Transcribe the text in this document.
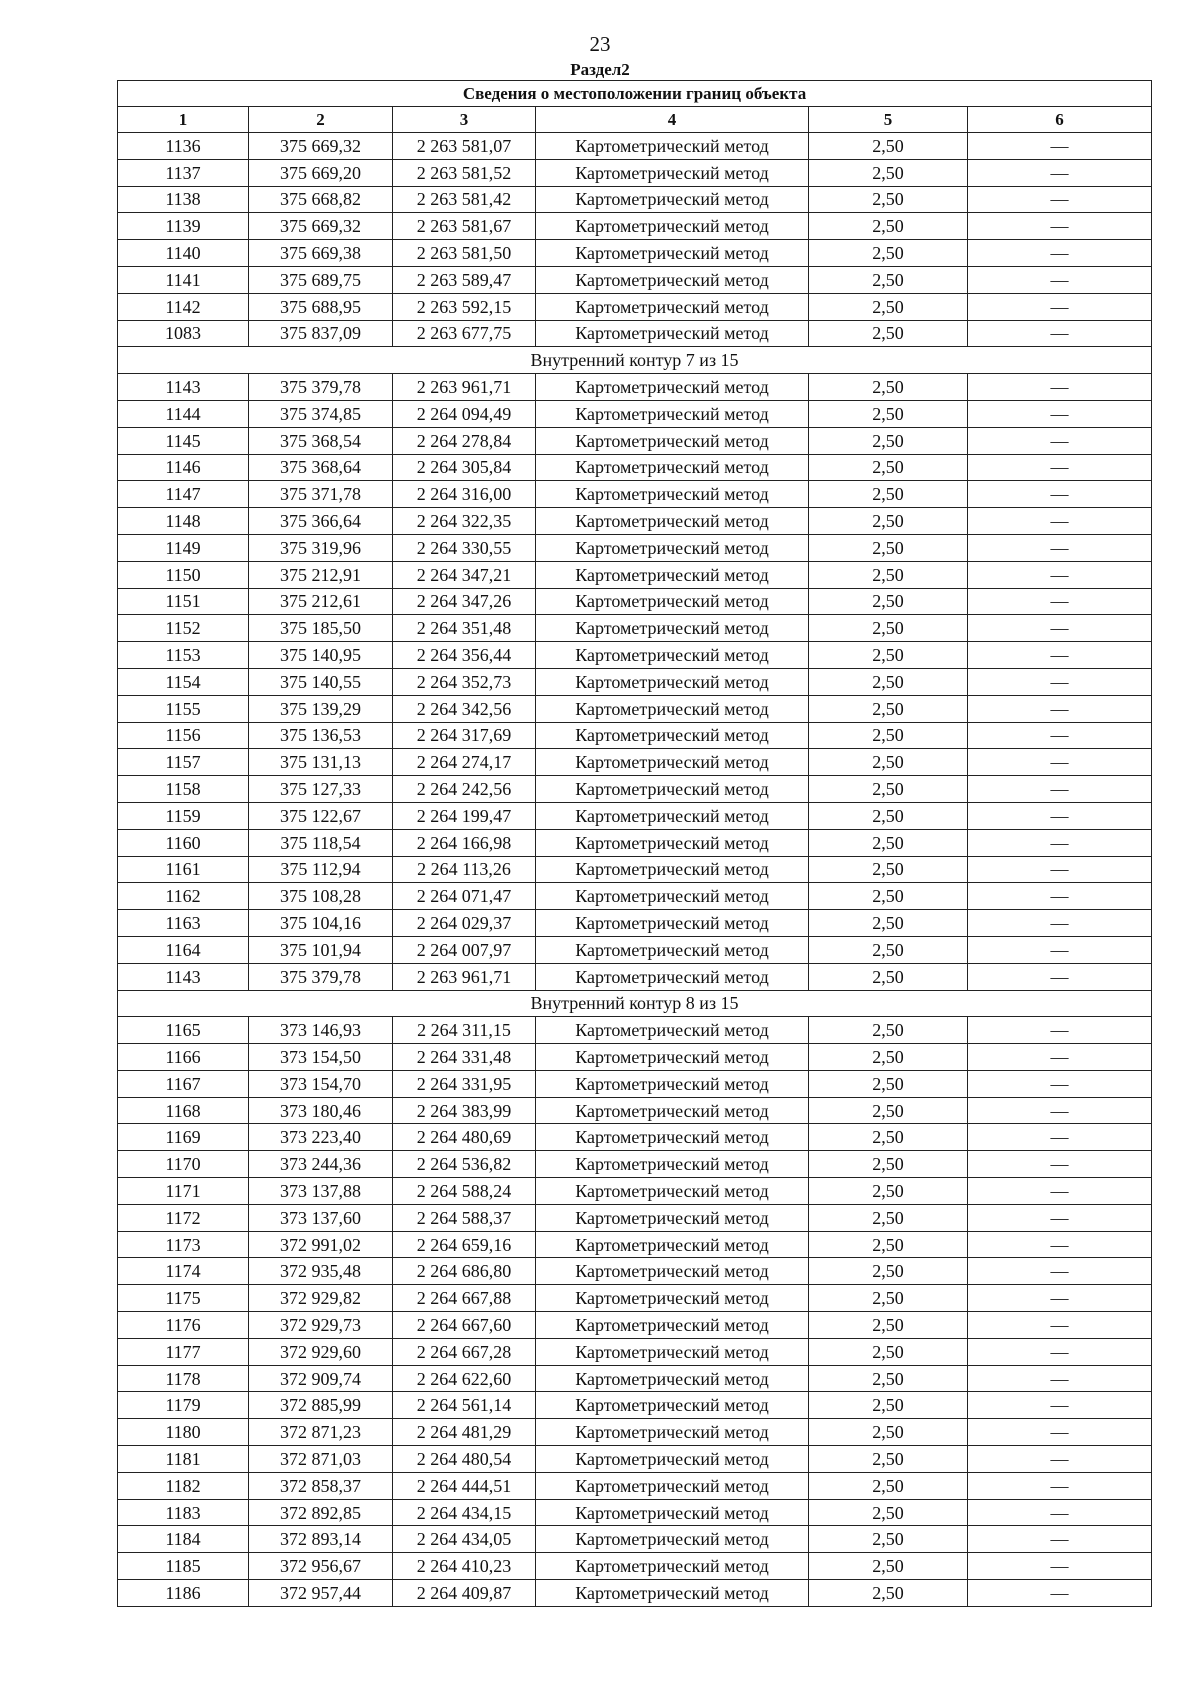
23
Раздел2
Сведения о местоположении границ объекта					
1	2	3	4	5	6
1136	375 669,32	2 263 581,07	Картометрический метод	2,50	—
1137	375 669,20	2 263 581,52	Картометрический метод	2,50	—
1138	375 668,82	2 263 581,42	Картометрический метод	2,50	—
1139	375 669,32	2 263 581,67	Картометрический метод	2,50	—
1140	375 669,38	2 263 581,50	Картометрический метод	2,50	—
1141	375 689,75	2 263 589,47	Картометрический метод	2,50	—
1142	375 688,95	2 263 592,15	Картометрический метод	2,50	—
1083	375 837,09	2 263 677,75	Картометрический метод	2,50	—
Внутренний контур 7 из 15					
1143	375 379,78	2 263 961,71	Картометрический метод	2,50	—
1144	375 374,85	2 264 094,49	Картометрический метод	2,50	—
1145	375 368,54	2 264 278,84	Картометрический метод	2,50	—
1146	375 368,64	2 264 305,84	Картометрический метод	2,50	—
1147	375 371,78	2 264 316,00	Картометрический метод	2,50	—
1148	375 366,64	2 264 322,35	Картометрический метод	2,50	—
1149	375 319,96	2 264 330,55	Картометрический метод	2,50	—
1150	375 212,91	2 264 347,21	Картометрический метод	2,50	—
1151	375 212,61	2 264 347,26	Картометрический метод	2,50	—
1152	375 185,50	2 264 351,48	Картометрический метод	2,50	—
1153	375 140,95	2 264 356,44	Картометрический метод	2,50	—
1154	375 140,55	2 264 352,73	Картометрический метод	2,50	—
1155	375 139,29	2 264 342,56	Картометрический метод	2,50	—
1156	375 136,53	2 264 317,69	Картометрический метод	2,50	—
1157	375 131,13	2 264 274,17	Картометрический метод	2,50	—
1158	375 127,33	2 264 242,56	Картометрический метод	2,50	—
1159	375 122,67	2 264 199,47	Картометрический метод	2,50	—
1160	375 118,54	2 264 166,98	Картометрический метод	2,50	—
1161	375 112,94	2 264 113,26	Картометрический метод	2,50	—
1162	375 108,28	2 264 071,47	Картометрический метод	2,50	—
1163	375 104,16	2 264 029,37	Картометрический метод	2,50	—
1164	375 101,94	2 264 007,97	Картометрический метод	2,50	—
1143	375 379,78	2 263 961,71	Картометрический метод	2,50	—
Внутренний контур 8 из 15					
1165	373 146,93	2 264 311,15	Картометрический метод	2,50	—
1166	373 154,50	2 264 331,48	Картометрический метод	2,50	—
1167	373 154,70	2 264 331,95	Картометрический метод	2,50	—
1168	373 180,46	2 264 383,99	Картометрический метод	2,50	—
1169	373 223,40	2 264 480,69	Картометрический метод	2,50	—
1170	373 244,36	2 264 536,82	Картометрический метод	2,50	—
1171	373 137,88	2 264 588,24	Картометрический метод	2,50	—
1172	373 137,60	2 264 588,37	Картометрический метод	2,50	—
1173	372 991,02	2 264 659,16	Картометрический метод	2,50	—
1174	372 935,48	2 264 686,80	Картометрический метод	2,50	—
1175	372 929,82	2 264 667,88	Картометрический метод	2,50	—
1176	372 929,73	2 264 667,60	Картометрический метод	2,50	—
1177	372 929,60	2 264 667,28	Картометрический метод	2,50	—
1178	372 909,74	2 264 622,60	Картометрический метод	2,50	—
1179	372 885,99	2 264 561,14	Картометрический метод	2,50	—
1180	372 871,23	2 264 481,29	Картометрический метод	2,50	—
1181	372 871,03	2 264 480,54	Картометрический метод	2,50	—
1182	372 858,37	2 264 444,51	Картометрический метод	2,50	—
1183	372 892,85	2 264 434,15	Картометрический метод	2,50	—
1184	372 893,14	2 264 434,05	Картометрический метод	2,50	—
1185	372 956,67	2 264 410,23	Картометрический метод	2,50	—
1186	372 957,44	2 264 409,87	Картометрический метод	2,50	—
